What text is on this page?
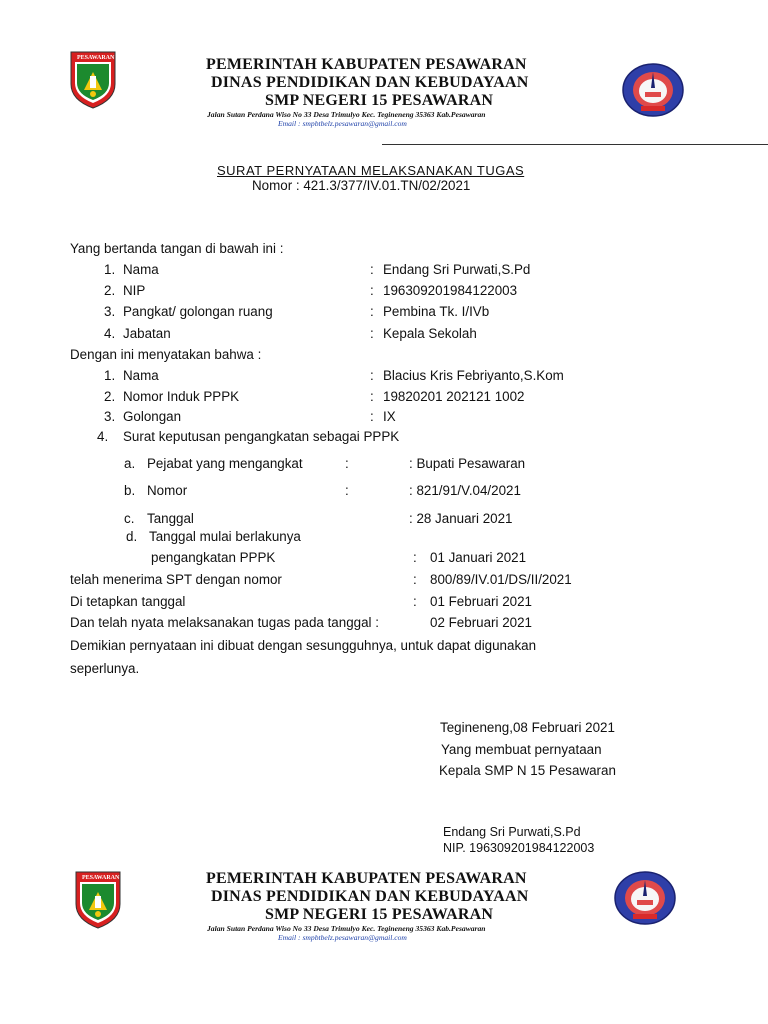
PESAWARAN	PEMERINTAH KABUPATEN PESAWARAN
DINAS PENDIDIKAN DAN KEBUDAYAAN
SMP NEGERI 15 PESAWARAN
Jalan Sutan Perdana Wiso No 33 Desa Trimulyo Kec. Tegineneng 35363 Kab.Pesawaran
Email : smpbtbelz.pesawaran@gmail.com
SURAT PERNYATAAN MELAKSANAKAN TUGAS
Nomor : 421.3/377/IV.01.TN/02/2021
Yang bertanda tangan di bawah ini :
1. Nama	: Endang Sri Purwati,S.Pd
2. NIP	: 196309201984122003
3. Pangkat/ golongan ruang	: Pembina Tk. I/IVb
4. Jabatan	: Kepala Sekolah
Dengan ini menyatakan bahwa :
1. Nama	: Blacius Kris Febriyanto,S.Kom
2. Nomor Induk PPPK	: 19820201 202121 1002
3. Golongan	: IX
4. Surat keputusan pengangkatan sebagai PPPK
a. Pejabat yang mengangkat	:	: Bupati Pesawaran
b. Nomor	:	: 821/91/V.04/2021
c. Tanggal	: 28 Januari 2021
d. Tanggal mulai berlakunya
pengangkatan PPPK	: 01 Januari 2021
telah menerima SPT dengan nomor	: 800/89/IV.01/DS/II/2021
Di tetapkan tanggal	: 01 Februari 2021
Dan telah nyata melaksanakan tugas pada tanggal :	02 Februari 2021
Demikian pernyataan ini dibuat dengan sesungguhnya, untuk dapat digunakan
seperlunya.
Tegineneng,08 Februari 2021
Yang membuat pernyataan
Kepala SMP N 15 Pesawaran
Endang Sri Purwati,S.Pd
NIP. 196309201984122003
PESAWARAN	PEMERINTAH KABUPATEN PESAWARAN
DINAS PENDIDIKAN DAN KEBUDAYAAN
SMP NEGERI 15 PESAWARAN
Jalan Sutan Perdana Wiso No 33 Desa Trimulyo Kec. Tegineneng 35363 Kab.Pesawaran
Email : smpbtbelz.pesawaran@gmail.com
